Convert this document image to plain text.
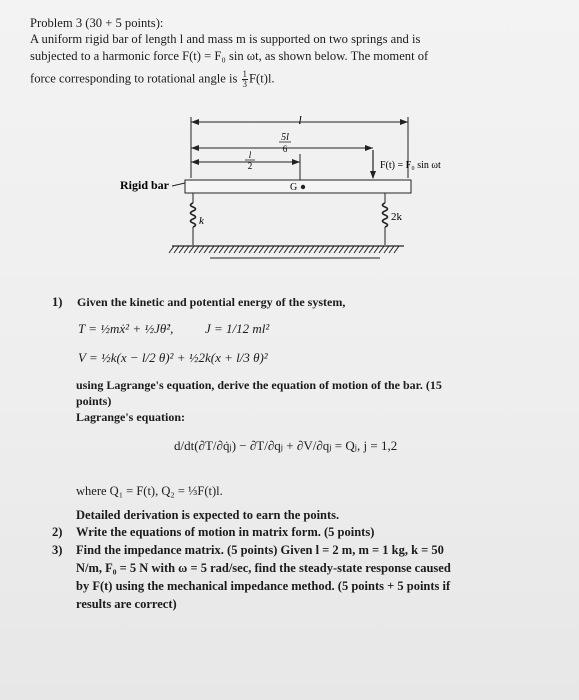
Problem 3 (30 + 5 points):
A uniform rigid bar of length l and mass m is supported on two springs and is
subjected to a harmonic force F(t) = F₀ sin ωt, as shown below. The moment of
force corresponding to rotational angle is $\frac{1}{3} F(t)l$.
l
5l
6
l
2	F(t) = F₀ sin ωt
G
Rigid bar
k	2k
1) Given the kinetic and potential energy of the system,
T = ½mẋ² + ½Jθ̇², J = 1/12 ml²
V = ½k(x − l/2 θ)² + ½2k(x + l/3 θ)²
using Lagrange's equation, derive the equation of motion of the bar. (15
points)
Lagrange's equation:
d/dt(∂T/∂q̇ⱼ) − ∂T/∂qⱼ + ∂V/∂qⱼ = Qⱼ, j = 1,2
where Q₁ = F(t), Q₂ = ⅓F(t)l.
Detailed derivation is expected to earn the points.
2) Write the equations of motion in matrix form. (5 points)
3) Find the impedance matrix. (5 points) Given l = 2 m, m = 1 kg, k = 50
N/m, F₀ = 5 N with ω = 5 rad/sec, find the steady-state response caused
by F(t) using the mechanical impedance method. (5 points + 5 points if
results are correct)
